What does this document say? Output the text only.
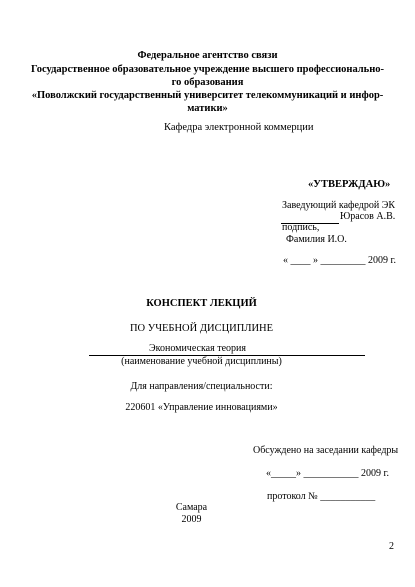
Федеральное агентство связи
Государственное образовательное учреждение высшего профессионально-
го образования
«Поволжский государственный университет телекоммуникаций и инфор-
матики»
Кафедра электронной коммерции
«УТВЕРЖДАЮ»
Заведующий кафедрой ЭК
Юрасов А.В.
подпись,
Фамилия И.О.
« ____ » _________ 2009 г.
КОНСПЕКТ ЛЕКЦИЙ
ПО УЧЕБНОЙ ДИСЦИПЛИНЕ
Экономическая теория
(наименование учебной дисциплины)
Для направления/специальности:
220601 «Управление инновациями»
Обсуждено на заседании кафедры
«_____» ___________ 2009 г.
протокол № ___________
Самара
2009
2
